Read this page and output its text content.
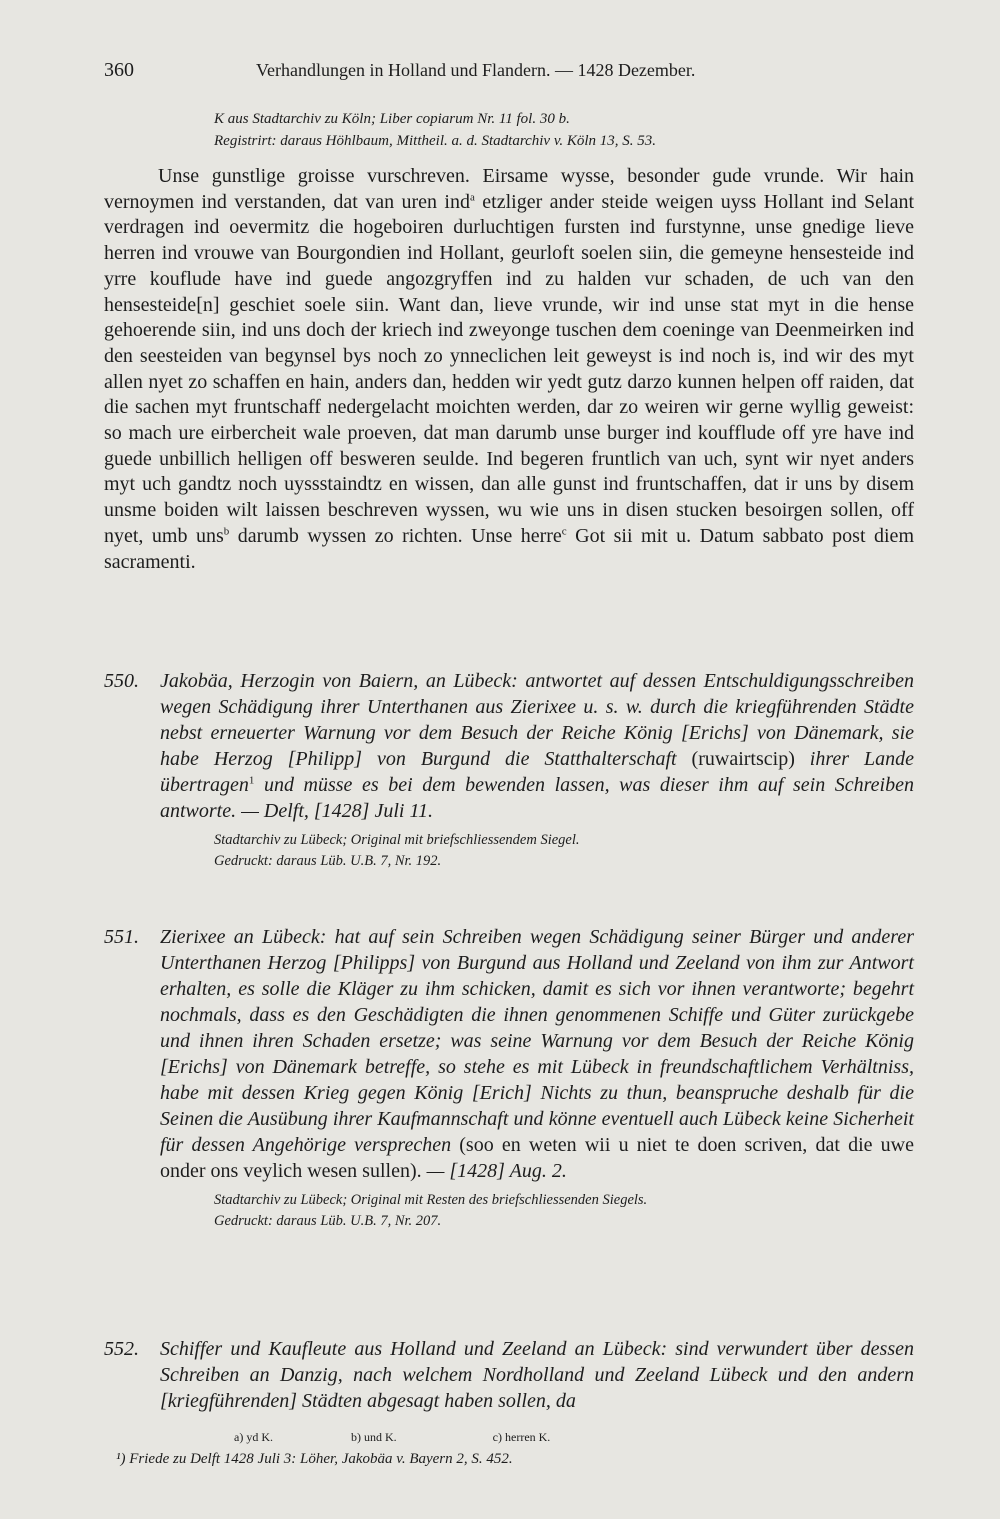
360	Verhandlungen in Holland und Flandern. — 1428 Dezember.

K aus Stadtarchiv zu Köln; Liber copiarum Nr. 11 fol. 30 b.

Registrirt: daraus Höhlbaum, Mittheil. a. d. Stadtarchiv v. Köln 13, S. 53.

Unse gunstlige groisse vurschreven. Eirsame wysse, besonder gude vrunde. Wir hain vernoymen ind verstanden, dat van uren ind$^a$ etzliger ander steide weigen uyss Hollant ind Selant verdragen ind oevermitz die hogeboiren durluchtigen fursten ind furstynne, unse gnedige lieve herren ind vrouwe van Bourgondien ind Hollant, geurloft soelen siin, die gemeyne hensesteide ind yrre kouflude have ind guede angozgryffen ind zu halden vur schaden, de uch van den hensesteide[n] geschiet soele siin. Want dan, lieve vrunde, wir ind unse stat myt in die hense gehoerende siin, ind uns doch der kriech ind zweyonge tuschen dem coeninge van Deenmeirken ind den seesteiden van begynsel bys noch zo ynneclichen leit geweyst is ind noch is, ind wir des myt allen nyet zo schaffen en hain, anders dan, hedden wir yedt gutz darzo kunnen helpen off raiden, dat die sachen myt fruntschaff nedergelacht moichten werden, dar zo weiren wir gerne wyllig geweist: so mach ure eirbercheit wale proeven, dat man darumb unse burger ind koufflude off yre have ind guede unbillich helligen off besweren seulde. Ind begeren fruntlich van uch, synt wir nyet anders myt uch gandtz noch uyssstaindtz en wissen, dan alle gunst ind fruntschaffen, dat ir uns by disem unsme boiden wilt laissen beschreven wyssen, wu wie uns in disen stucken besoirgen sollen, off nyet, umb uns$^b$ darumb wyssen zo richten. Unse herre$^c$ Got sii mit u. Datum sabbato post diem sacramenti.

550. Jakobäa, Herzogin von Baiern, an Lübeck: antwortet auf dessen Entschuldigungsschreiben wegen Schädigung ihrer Unterthanen aus Zierixee u. s. w. durch die kriegführenden Städte nebst erneuerter Warnung vor dem Besuch der Reiche König [Erichs] von Dänemark, sie habe Herzog [Philipp] von Burgund die Statthalterschaft (ruwairtscip) ihrer Lande übertragen$^1$ und müsse es bei dem bewenden lassen, was dieser ihm auf sein Schreiben antworte. — Delft, [1428] Juli 11.

Stadtarchiv zu Lübeck; Original mit briefschliessendem Siegel.

Gedruckt: daraus Lüb. U.B. 7, Nr. 192.

551. Zierixee an Lübeck: hat auf sein Schreiben wegen Schädigung seiner Bürger und anderer Unterthanen Herzog [Philipps] von Burgund aus Holland und Zeeland von ihm zur Antwort erhalten, es solle die Kläger zu ihm schicken, damit es sich vor ihnen verantworte; begehrt nochmals, dass es den Geschädigten die ihnen genommenen Schiffe und Güter zurückgebe und ihnen ihren Schaden ersetze; was seine Warnung vor dem Besuch der Reiche König [Erichs] von Dänemark betreffe, so stehe es mit Lübeck in freundschaftlichem Verhältniss, habe mit dessen Krieg gegen König [Erich] Nichts zu thun, beanspruche deshalb für die Seinen die Ausübung ihrer Kaufmannschaft und könne eventuell auch Lübeck keine Sicherheit für dessen Angehörige versprechen (soo en weten wii u niet te doen scriven, dat die uwe onder ons veylich wesen sullen). — [1428] Aug. 2.

Stadtarchiv zu Lübeck; Original mit Resten des briefschliessenden Siegels.

Gedruckt: daraus Lüb. U.B. 7, Nr. 207.

552. Schiffer und Kaufleute aus Holland und Zeeland an Lübeck: sind verwundert über dessen Schreiben an Danzig, nach welchem Nordholland und Zeeland Lübeck und den andern [kriegführenden] Städten abgesagt haben sollen, da
a) yd K.	b) und K.	c) herren K.
¹) Friede zu Delft 1428 Juli 3: Löher, Jakobäa v. Bayern 2, S. 452.
